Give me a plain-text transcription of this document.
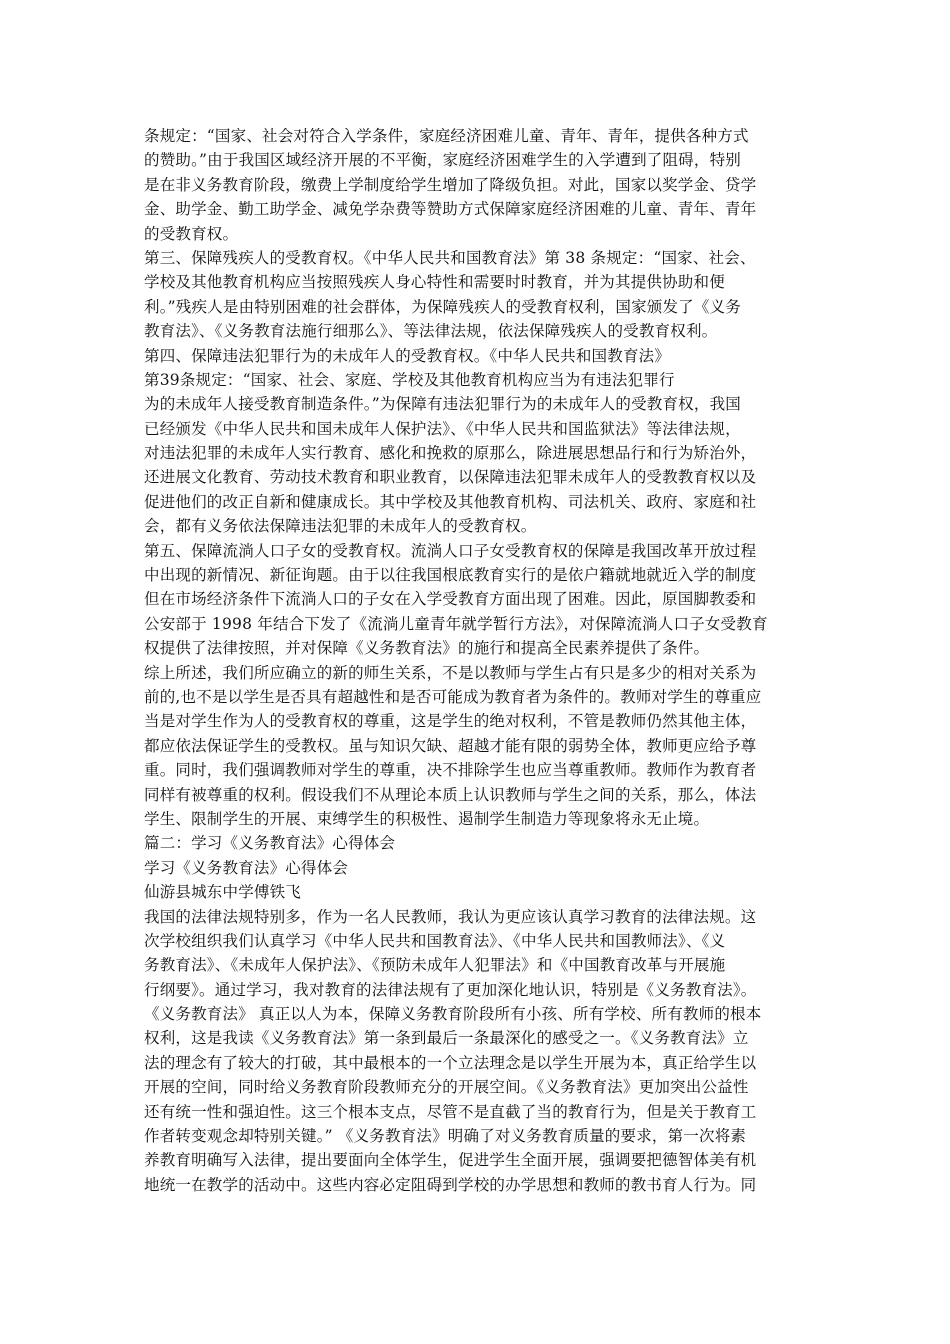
条规定：“国家、社会对符合入学条件，家庭经济困难儿童、青年、青年，提供各种方式
的赞助。”由于我国区域经济开展的不平衡，家庭经济困难学生的入学遭到了阻碍，特别
是在非义务教育阶段，缴费上学制度给学生增加了降级负担。对此，国家以奖学金、贷学
金、助学金、勤工助学金、减免学杂费等赞助方式保障家庭经济困难的儿童、青年、青年
的受教育权。
第三、保障残疾人的受教育权。《中华人民共和国教育法》第 38 条规定：“国家、社会、
学校及其他教育机构应当按照残疾人身心特性和需要时时教育，并为其提供协助和便
利。”残疾人是由特别困难的社会群体，为保障残疾人的受教育权利，国家颁发了《义务
教育法》、《义务教育法施行细那么》、等法律法规，依法保障残疾人的受教育权利。
第四、保障违法犯罪行为的未成年人的受教育权。《中华人民共和国教育法》
第39条规定：“国家、社会、家庭、学校及其他教育机构应当为有违法犯罪行
为的未成年人接受教育制造条件。”为保障有违法犯罪行为的未成年人的受教育权，我国
已经颁发《中华人民共和国未成年人保护法》、《中华人民共和国监狱法》等法律法规，
对违法犯罪的未成年人实行教育、感化和挽救的原那么，除进展思想品行和行为矫治外，
还进展文化教育、劳动技术教育和职业教育，以保障违法犯罪未成年人的受教教育权以及
促进他们的改正自新和健康成长。其中学校及其他教育机构、司法机关、政府、家庭和社
会，都有义务依法保障违法犯罪的未成年人的受教育权。
第五、保障流淌人口子女的受教育权。流淌人口子女受教育权的保障是我国改革开放过程
中出现的新情况、新征询题。由于以往我国根底教育实行的是依户籍就地就近入学的制度
但在市场经济条件下流淌人口的子女在入学受教育方面出现了困难。因此，原国脚教委和
公安部于 1998 年结合下发了《流淌儿童青年就学暂行方法》，对保障流淌人口子女受教育
权提供了法律按照，并对保障《义务教育法》的施行和提高全民素养提供了条件。
综上所述，我们所应确立的新的师生关系，不是以教师与学生占有只是多少的相对关系为
前的,也不是以学生是否具有超越性和是否可能成为教育者为条件的。教师对学生的尊重应
当是对学生作为人的受教育权的尊重，这是学生的绝对权利，不管是教师仍然其他主体，
都应依法保证学生的受教权。虽与知识欠缺、超越才能有限的弱势全体，教师更应给予尊
重。同时，我们强调教师对学生的尊重，决不排除学生也应当尊重教师。教师作为教育者
同样有被尊重的权利。假设我们不从理论本质上认识教师与学生之间的关系，那么，体法
学生、限制学生的开展、束缚学生的积极性、遏制学生制造力等现象将永无止境。
篇二：学习《义务教育法》心得体会
学习《义务教育法》心得体会
仙游县城东中学傅铁飞
我国的法律法规特别多，作为一名人民教师，我认为更应该认真学习教育的法律法规。这
次学校组织我们认真学习《中华人民共和国教育法》、《中华人民共和国教师法》、《义
务教育法》、《未成年人保护法》、《预防未成年人犯罪法》和《中国教育改革与开展施
行纲要》。通过学习，我对教育的法律法规有了更加深化地认识，特别是《义务教育法》。
《义务教育法》 真正以人为本，保障义务教育阶段所有小孩、所有学校、所有教师的根本
权利，这是我读《义务教育法》第一条到最后一条最深化的感受之一。《义务教育法》立
法的理念有了较大的打破，其中最根本的一个立法理念是以学生开展为本，真正给学生以
开展的空间，同时给义务教育阶段教师充分的开展空间。《义务教育法》更加突出公益性
还有统一性和强迫性。这三个根本支点，尽管不是直截了当的教育行为，但是关于教育工
作者转变观念却特别关键。” 《义务教育法》明确了对义务教育质量的要求，第一次将素
养教育明确写入法律，提出要面向全体学生，促进学生全面开展，强调要把德智体美有机
地统一在教学的活动中。这些内容必定阻碍到学校的办学思想和教师的教书育人行为。同
